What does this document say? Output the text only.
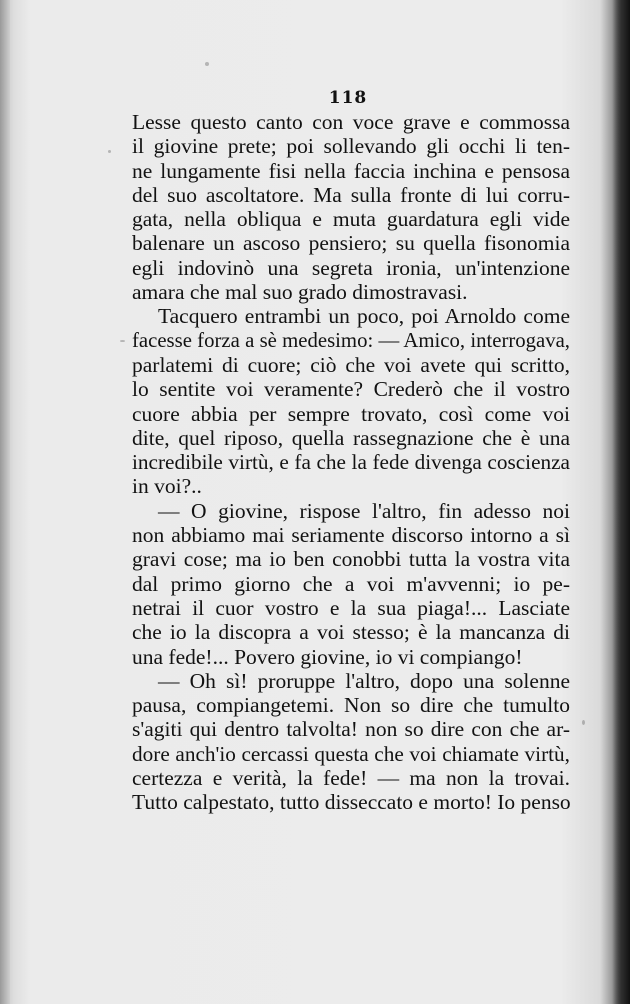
118
Lesse questo canto con voce grave e commossa
il giovine prete; poi sollevando gli occhi li ten-
ne lungamente fisi nella faccia inchina e pensosa
del suo ascoltatore. Ma sulla fronte di lui corru-
gata, nella obliqua e muta guardatura egli vide
balenare un ascoso pensiero; su quella fisonomia
egli indovinò una segreta ironia, un'intenzione
amara che mal suo grado dimostravasi.
Tacquero entrambi un poco, poi Arnoldo come
facesse forza a sè medesimo: — Amico, interrogava,
parlatemi di cuore; ciò che voi avete qui scritto,
lo sentite voi veramente? Crederò che il vostro
cuore abbia per sempre trovato, così come voi
dite, quel riposo, quella rassegnazione che è una
incredibile virtù, e fa che la fede divenga coscienza
in voi?..
— O giovine, rispose l'altro, fin adesso noi
non abbiamo mai seriamente discorso intorno a sì
gravi cose; ma io ben conobbi tutta la vostra vita
dal primo giorno che a voi m'avvenni; io pe-
netrai il cuor vostro e la sua piaga!... Lasciate
che io la discopra a voi stesso; è la mancanza di
una fede!... Povero giovine, io vi compiango!
— Oh sì! proruppe l'altro, dopo una solenne
pausa, compiangetemi. Non so dire che tumulto
s'agiti qui dentro talvolta! non so dire con che ar-
dore anch'io cercassi questa che voi chiamate virtù,
certezza e verità, la fede! — ma non la trovai.
Tutto calpestato, tutto disseccato e morto! Io penso
